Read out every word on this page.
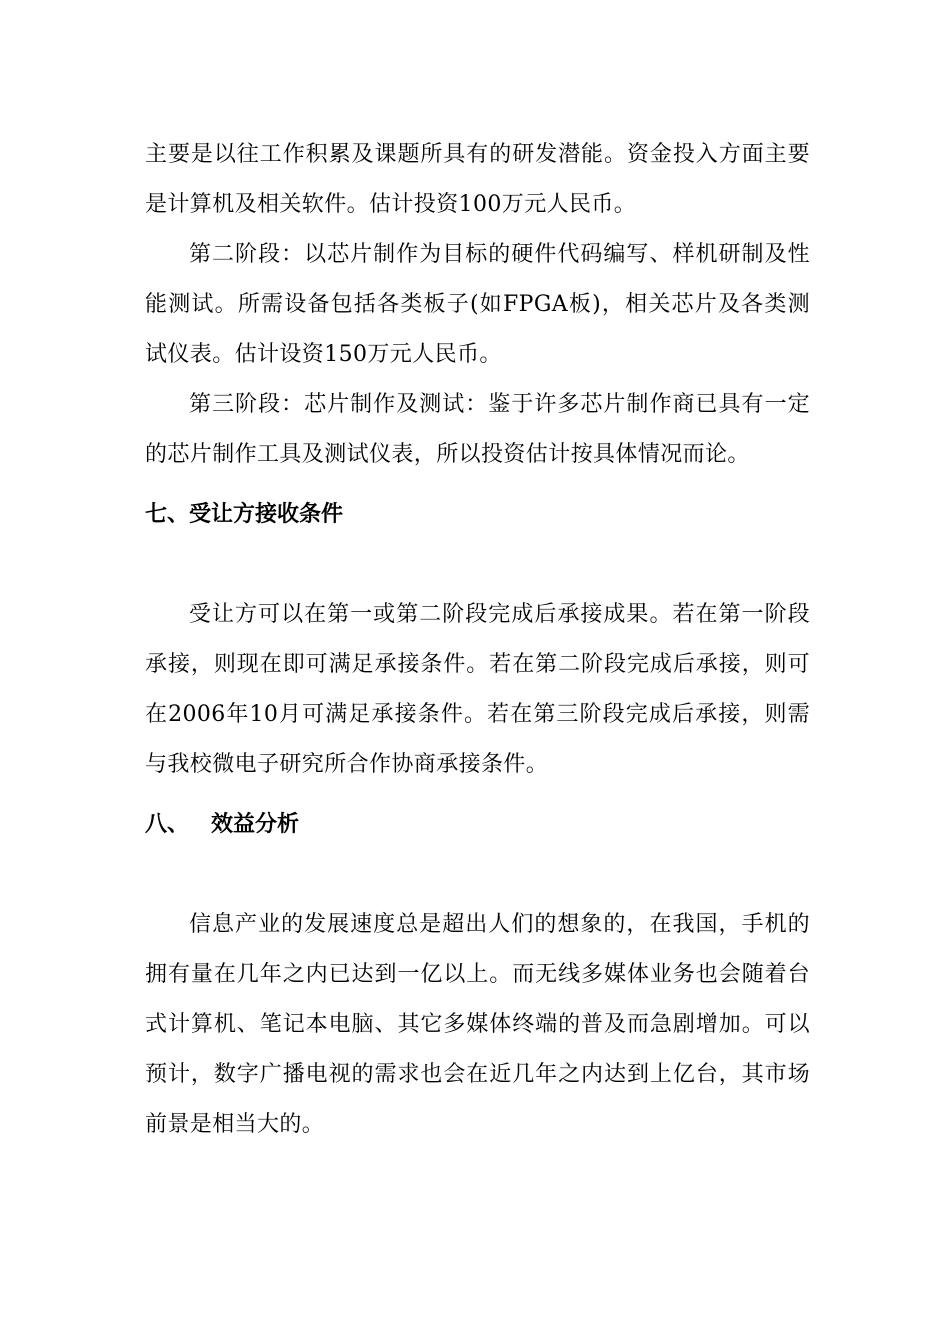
主要是以往工作积累及课题所具有的研发潜能。资金投入方面主要是计算机及相关软件。估计投资100万元人民币。

第二阶段：以芯片制作为目标的硬件代码编写、样机研制及性能测试。所需设备包括各类板子(如FPGA板)，相关芯片及各类测试仪表。估计设资150万元人民币。

第三阶段：芯片制作及测试：鉴于许多芯片制作商已具有一定的芯片制作工具及测试仪表，所以投资估计按具体情况而论。

七、受让方接收条件

受让方可以在第一或第二阶段完成后承接成果。若在第一阶段承接，则现在即可满足承接条件。若在第二阶段完成后承接，则可在2006年10月可满足承接条件。若在第三阶段完成后承接，则需与我校微电子研究所合作协商承接条件。

八、 效益分析

信息产业的发展速度总是超出人们的想象的，在我国，手机的拥有量在几年之内已达到一亿以上。而无线多媒体业务也会随着台式计算机、笔记本电脑、其它多媒体终端的普及而急剧增加。可以预计，数字广播电视的需求也会在近几年之内达到上亿台，其市场前景是相当大的。
